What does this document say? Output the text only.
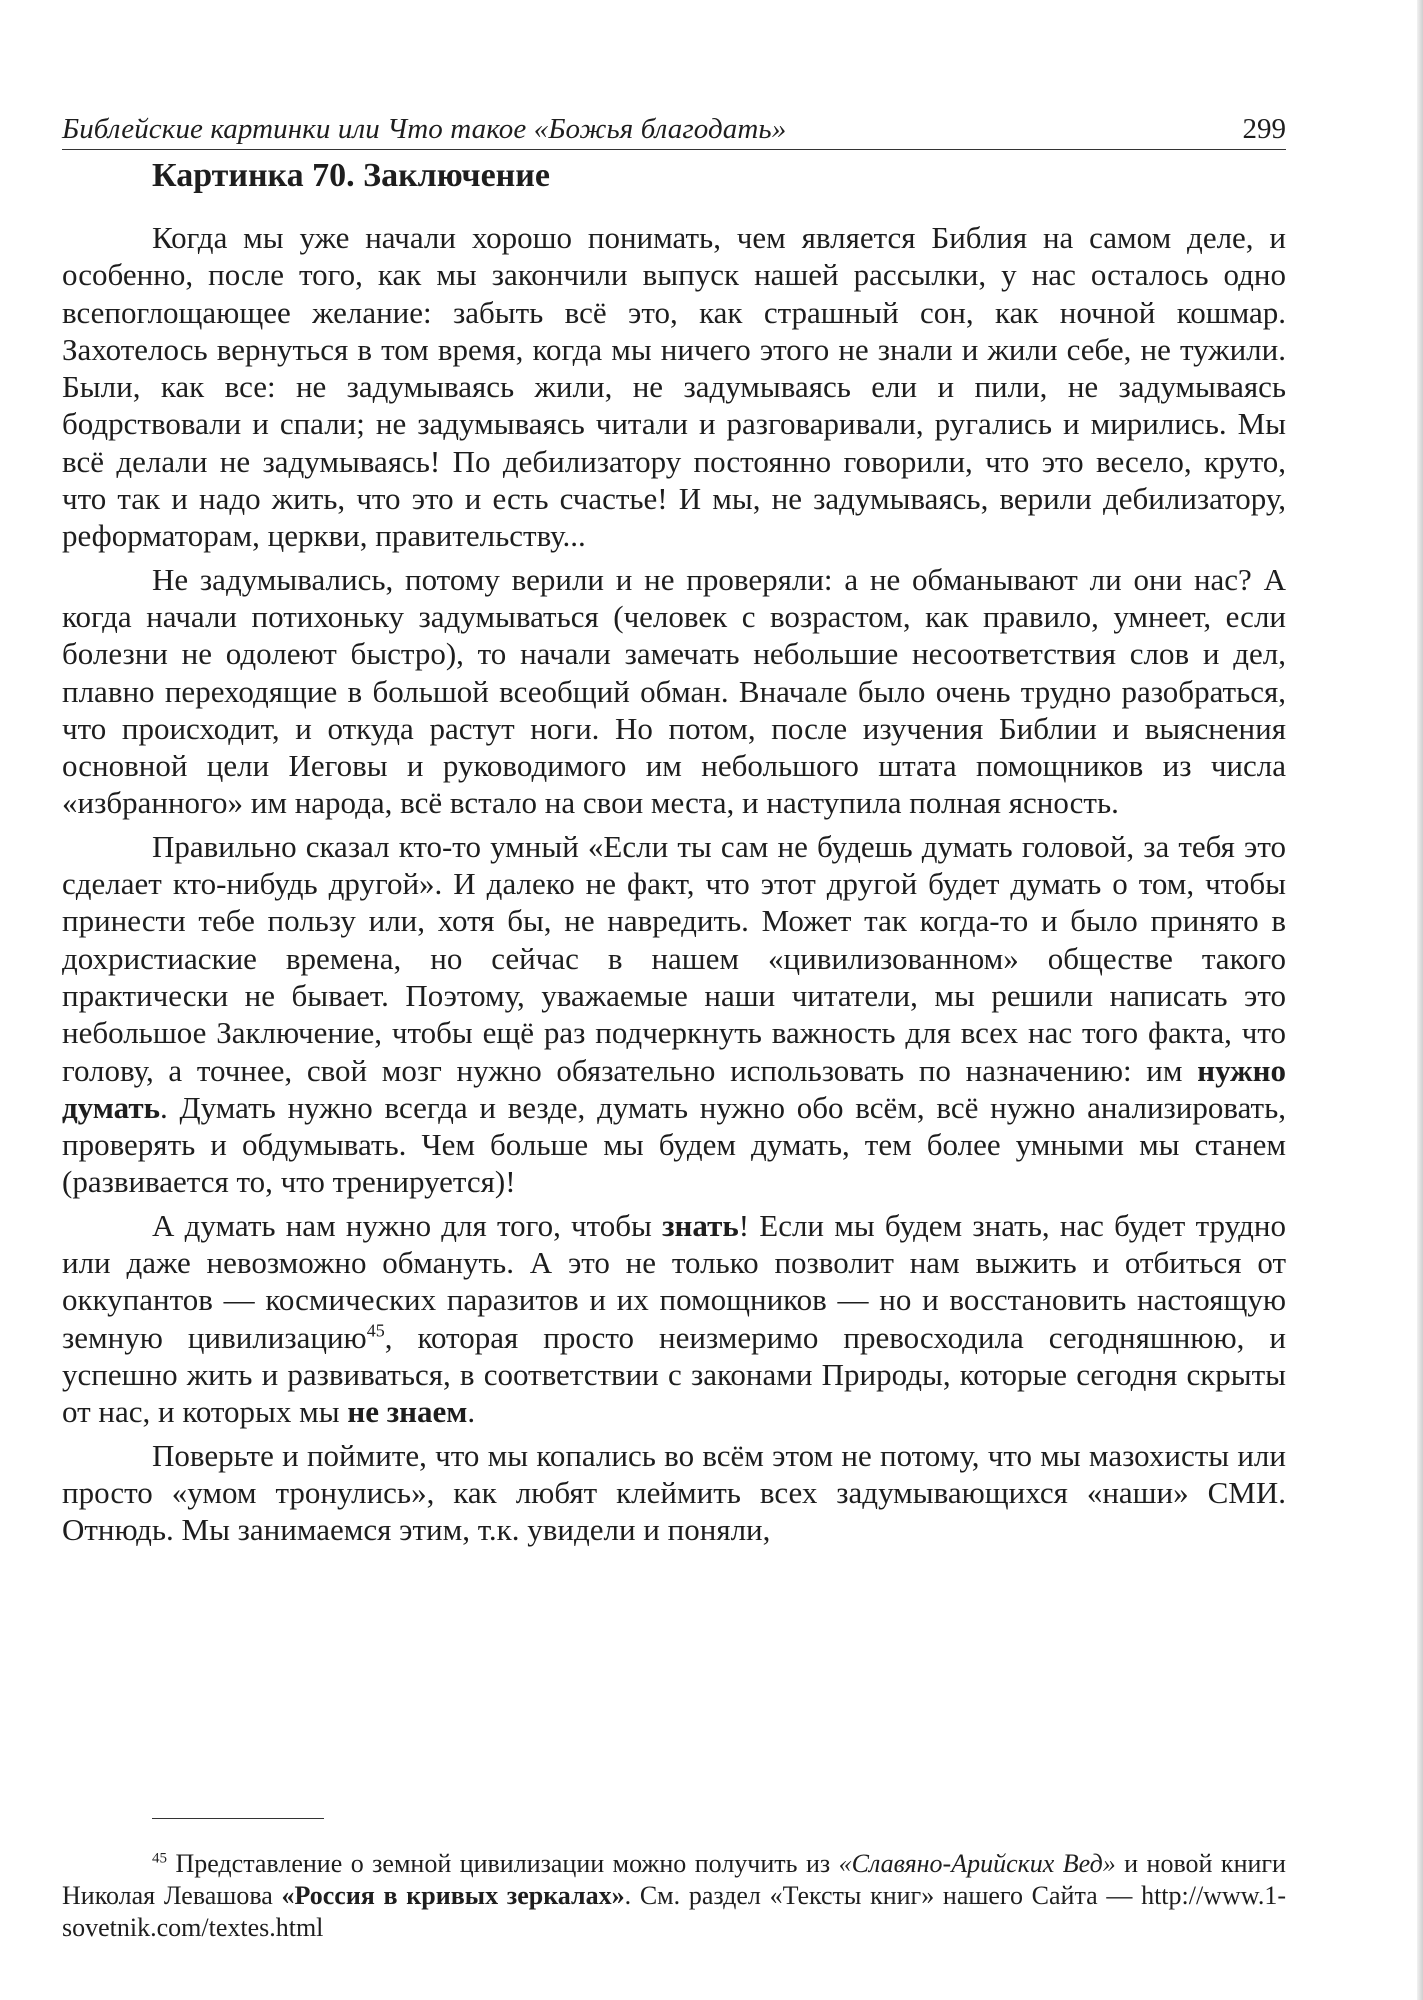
Библейские картинки или Что такое «Божья благодать»	299
Картинка 70. Заключение

Когда мы уже начали хорошо понимать, чем является Библия на самом деле, и особенно, после того, как мы закончили выпуск нашей рассылки, у нас осталось одно всепоглощающее желание: забыть всё это, как страшный сон, как ночной кошмар. Захотелось вернуться в том время, когда мы ничего этого не знали и жили себе, не тужили. Были, как все: не задумываясь жили, не задумываясь ели и пили, не задумываясь бодрствовали и спали; не задумываясь читали и разговаривали, ругались и мирились. Мы всё делали не задумываясь! По дебилизатору постоянно говорили, что это весело, круто, что так и надо жить, что это и есть счастье! И мы, не задумываясь, верили дебилизатору, реформаторам, церкви, правительству...

Не задумывались, потому верили и не проверяли: а не обманывают ли они нас? А когда начали потихоньку задумываться (человек с возрастом, как правило, умнеет, если болезни не одолеют быстро), то начали замечать небольшие несоответствия слов и дел, плавно переходящие в большой всеобщий обман. Вначале было очень трудно разобраться, что происходит, и откуда растут ноги. Но потом, после изучения Библии и выяснения основной цели Иеговы и руководимого им небольшого штата помощников из числа «избранного» им народа, всё встало на свои места, и наступила полная ясность.

Правильно сказал кто-то умный «Если ты сам не будешь думать головой, за тебя это сделает кто-нибудь другой». И далеко не факт, что этот другой будет думать о том, чтобы принести тебе пользу или, хотя бы, не навредить. Может так когда-то и было принято в дохристиаские времена, но сейчас в нашем «цивилизованном» обществе такого практически не бывает. Поэтому, уважаемые наши читатели, мы решили написать это небольшое Заключение, чтобы ещё раз подчеркнуть важность для всех нас того факта, что голову, а точнее, свой мозг нужно обязательно использовать по назначению: им нужно думать. Думать нужно всегда и везде, думать нужно обо всём, всё нужно анализировать, проверять и обдумывать. Чем больше мы будем думать, тем более умными мы станем (развивается то, что тренируется)!

А думать нам нужно для того, чтобы знать! Если мы будем знать, нас будет трудно или даже невозможно обмануть. А это не только позволит нам выжить и отбиться от оккупантов — космических паразитов и их помощников — но и восстановить настоящую земную цивилизацию$^{45}$, которая просто неизмеримо превосходила сегодняшнюю, и успешно жить и развиваться, в соответствии с законами Природы, которые сегодня скрыты от нас, и которых мы не знаем.

Поверьте и поймите, что мы копались во всём этом не потому, что мы мазохисты или просто «умом тронулись», как любят клеймить всех задумывающихся «наши» СМИ. Отнюдь. Мы занимаемся этим, т.к. увидели и поняли,

$^{45}$ Представление о земной цивилизации можно получить из «Славяно-Арийских Вед» и новой книги Николая Левашова «Россия в кривых зеркалах». См. раздел «Тексты книг» нашего Сайта — http://www.1-sovetnik.com/textes.html
